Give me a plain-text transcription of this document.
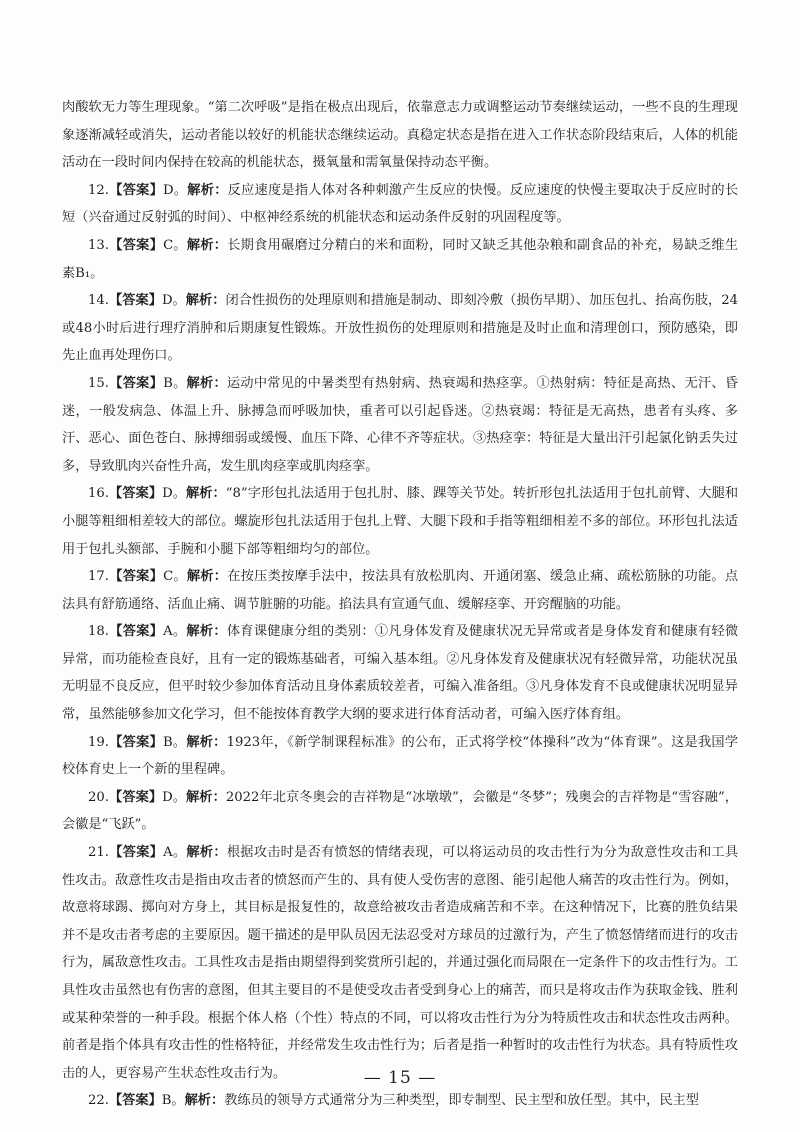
肉酸软无力等生理现象。“第二次呼吸”是指在极点出现后，依靠意志力或调整运动节奏继续运动，一些不良的生理现象逐渐减轻或消失，运动者能以较好的机能状态继续运动。真稳定状态是指在进入工作状态阶段结束后，人体的机能活动在一段时间内保持在较高的机能状态，摄氧量和需氧量保持动态平衡。

12.【答案】D。解析：反应速度是指人体对各种刺激产生反应的快慢。反应速度的快慢主要取决于反应时的长短（兴奋通过反射弧的时间）、中枢神经系统的机能状态和运动条件反射的巩固程度等。

13.【答案】C。解析：长期食用碾磨过分精白的米和面粉，同时又缺乏其他杂粮和副食品的补充，易缺乏维生素B₁。

14.【答案】D。解析：闭合性损伤的处理原则和措施是制动、即刻冷敷（损伤早期）、加压包扎、抬高伤肢，24或48小时后进行理疗消肿和后期康复性锻炼。开放性损伤的处理原则和措施是及时止血和清理创口，预防感染，即先止血再处理伤口。

15.【答案】B。解析：运动中常见的中暑类型有热射病、热衰竭和热痉挛。①热射病：特征是高热、无汗、昏迷，一般发病急、体温上升、脉搏急而呼吸加快，重者可以引起昏迷。②热衰竭：特征是无高热，患者有头疼、多汗、恶心、面色苍白、脉搏细弱或缓慢、血压下降、心律不齐等症状。③热痉挛：特征是大量出汗引起氯化钠丢失过多，导致肌肉兴奋性升高，发生肌肉痉挛或肌肉痉挛。

16.【答案】D。解析：“8”字形包扎法适用于包扎肘、膝、踝等关节处。转折形包扎法适用于包扎前臂、大腿和小腿等粗细相差较大的部位。螺旋形包扎法适用于包扎上臂、大腿下段和手指等粗细相差不多的部位。环形包扎法适用于包扎头额部、手腕和小腿下部等粗细均匀的部位。

17.【答案】C。解析：在按压类按摩手法中，按法具有放松肌肉、开通闭塞、缓急止痛、疏松筋脉的功能。点法具有舒筋通络、活血止痛、调节脏腑的功能。掐法具有宣通气血、缓解痉挛、开窍醒脑的功能。

18.【答案】A。解析：体育课健康分组的类别：①凡身体发育及健康状况无异常或者是身体发育和健康有轻微异常，而功能检查良好，且有一定的锻炼基础者，可编入基本组。②凡身体发育及健康状况有轻微异常，功能状况虽无明显不良反应，但平时较少参加体育活动且身体素质较差者，可编入准备组。③凡身体发育不良或健康状况明显异常，虽然能够参加文化学习，但不能按体育教学大纲的要求进行体育活动者，可编入医疗体育组。

19.【答案】B。解析：1923年，《新学制课程标准》的公布，正式将学校“体操科”改为“体育课”。这是我国学校体育史上一个新的里程碑。

20.【答案】D。解析：2022年北京冬奥会的吉祥物是“冰墩墩”，会徽是“冬梦”；残奥会的吉祥物是“雪容融”，会徽是“飞跃”。

21.【答案】A。解析：根据攻击时是否有愤怒的情绪表现，可以将运动员的攻击性行为分为敌意性攻击和工具性攻击。敌意性攻击是指由攻击者的愤怒而产生的、具有使人受伤害的意图、能引起他人痛苦的攻击性行为。例如，故意将球踢、掷向对方身上，其目标是报复性的，故意给被攻击者造成痛苦和不幸。在这种情况下，比赛的胜负结果并不是攻击者考虑的主要原因。题干描述的是甲队员因无法忍受对方球员的过激行为，产生了愤怒情绪而进行的攻击行为，属敌意性攻击。工具性攻击是指由期望得到奖赏所引起的，并通过强化而局限在一定条件下的攻击性行为。工具性攻击虽然也有伤害的意图，但其主要目的不是使受攻击者受到身心上的痛苦，而只是将攻击作为获取金钱、胜利或某种荣誉的一种手段。根据个体人格（个性）特点的不同，可以将攻击性行为分为特质性攻击和状态性攻击两种。前者是指个体具有攻击性的性格特征，并经常发生攻击性行为；后者是指一种暂时的攻击性行为状态。具有特质性攻击的人，更容易产生状态性攻击行为。

22.【答案】B。解析：教练员的领导方式通常分为三种类型，即专制型、民主型和放任型。其中，民主型

— 15 —
